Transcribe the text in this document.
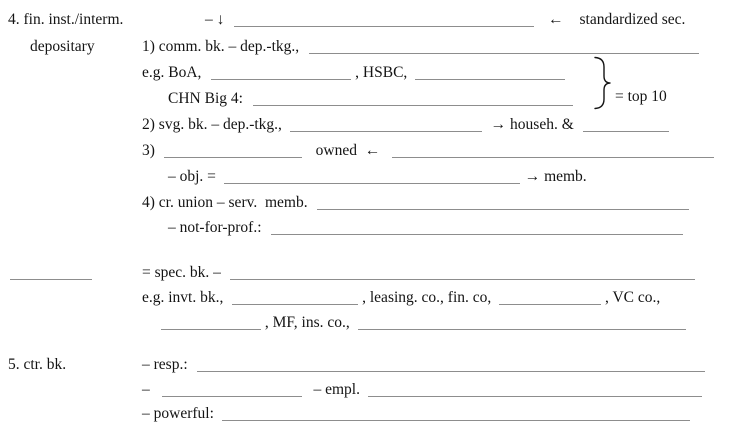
4. fin. inst./interm.
depositary
– ↓	← standardized sec.
1) comm. bk. – dep.-tkg.,
e.g. BoA,	, HSBC,
CHN Big 4:	= top 10
2) svg. bk. – dep.-tkg.,	→ househ. &
3)	owned ←
– obj. =	→ memb.
4) cr. union – serv.  memb.
– not-for-prof.:
= spec. bk. –
e.g. invt. bk.,	, leasing. co., fin. co,	, VC co.,
, MF, ins. co.,
5. ctr. bk.	– resp.:
–	– empl.
– powerful:
